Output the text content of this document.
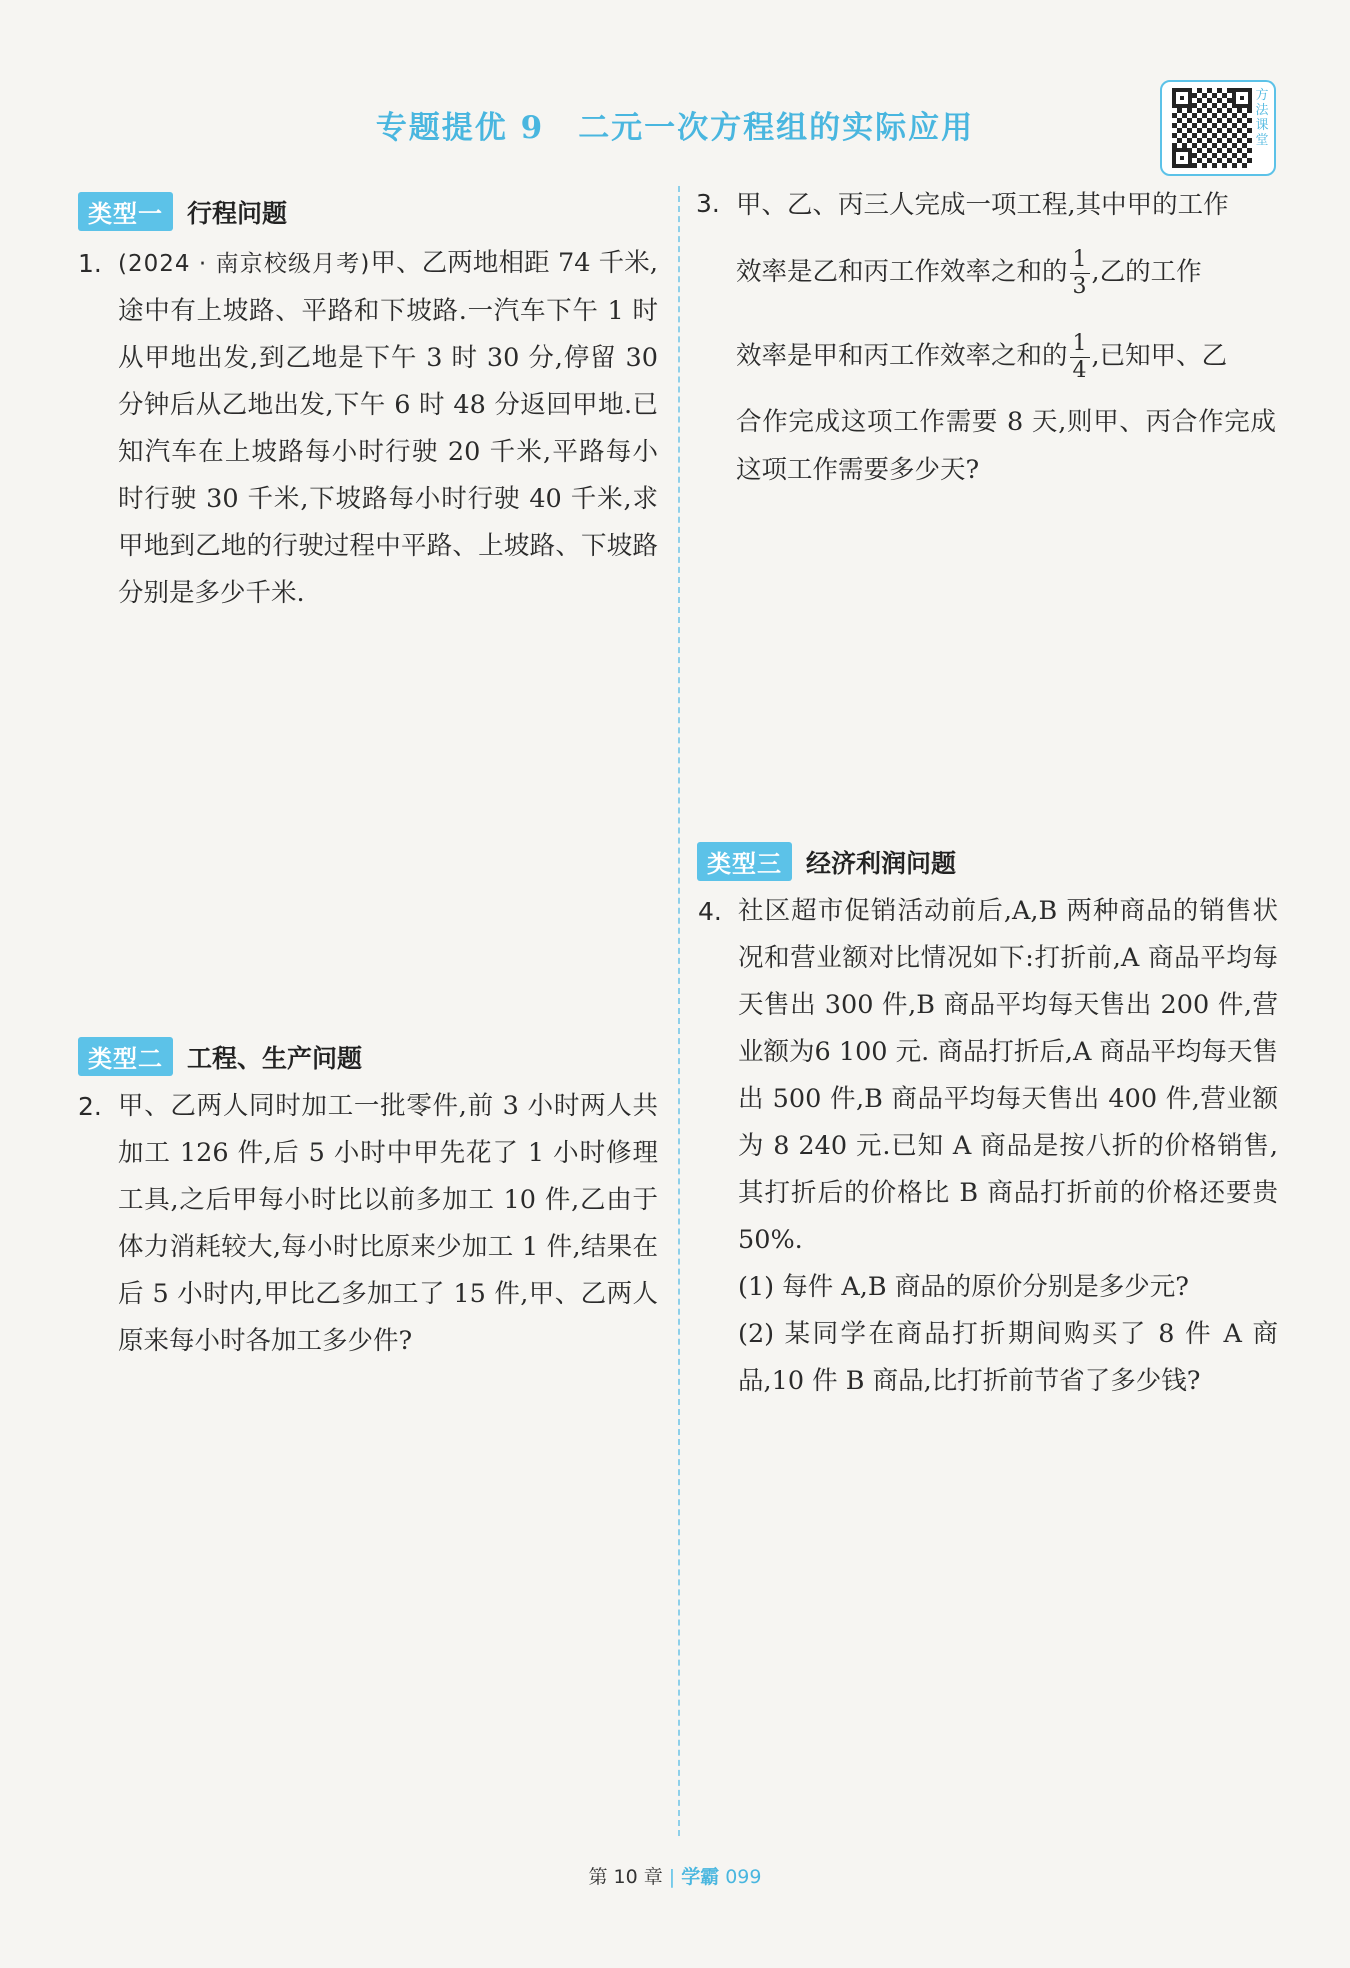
专题提优 9 二元一次方程组的实际应用
方法课堂
类型一 行程问题
1. (2024 · 南京校级月考)甲、乙两地相距 74 千米,途中有上坡路、平路和下坡路.一汽车下午 1 时从甲地出发,到乙地是下午 3 时 30 分,停留 30 分钟后从乙地出发,下午 6 时 48 分返回甲地.已知汽车在上坡路每小时行驶 20 千米,平路每小时行驶 30 千米,下坡路每小时行驶 40 千米,求甲地到乙地的行驶过程中平路、上坡路、下坡路分别是多少千米.

类型二 工程、生产问题
2. 甲、乙两人同时加工一批零件,前 3 小时两人共加工 126 件,后 5 小时中甲先花了 1 小时修理工具,之后甲每小时比以前多加工 10 件,乙由于体力消耗较大,每小时比原来少加工 1 件,结果在后 5 小时内,甲比乙多加工了 15 件,甲、乙两人原来每小时各加工多少件?

3. 甲、乙、丙三人完成一项工程,其中甲的工作

效率是乙和丙工作效率之和的 $\frac{1}{3}$ ,乙的工作

效率是甲和丙工作效率之和的 $\frac{1}{4}$ ,已知甲、乙

合作完成这项工作需要 8 天,则甲、丙合作完成这项工作需要多少天?

类型三 经济利润问题
4. 社区超市促销活动前后,A,B 两种商品的销售状况和营业额对比情况如下:打折前,A 商品平均每天售出 300 件,B 商品平均每天售出 200 件,营业额为6 100 元. 商品打折后,A 商品平均每天售出 500 件,B 商品平均每天售出 400 件,营业额为 8 240 元.已知 A 商品是按八折的价格销售,其打折后的价格比 B 商品打折前的价格还要贵 50%.

(1) 每件 A,B 商品的原价分别是多少元?

(2) 某同学在商品打折期间购买了 8 件 A 商品,10 件 B 商品,比打折前节省了多少钱?

第 10 章 | 学霸 099
